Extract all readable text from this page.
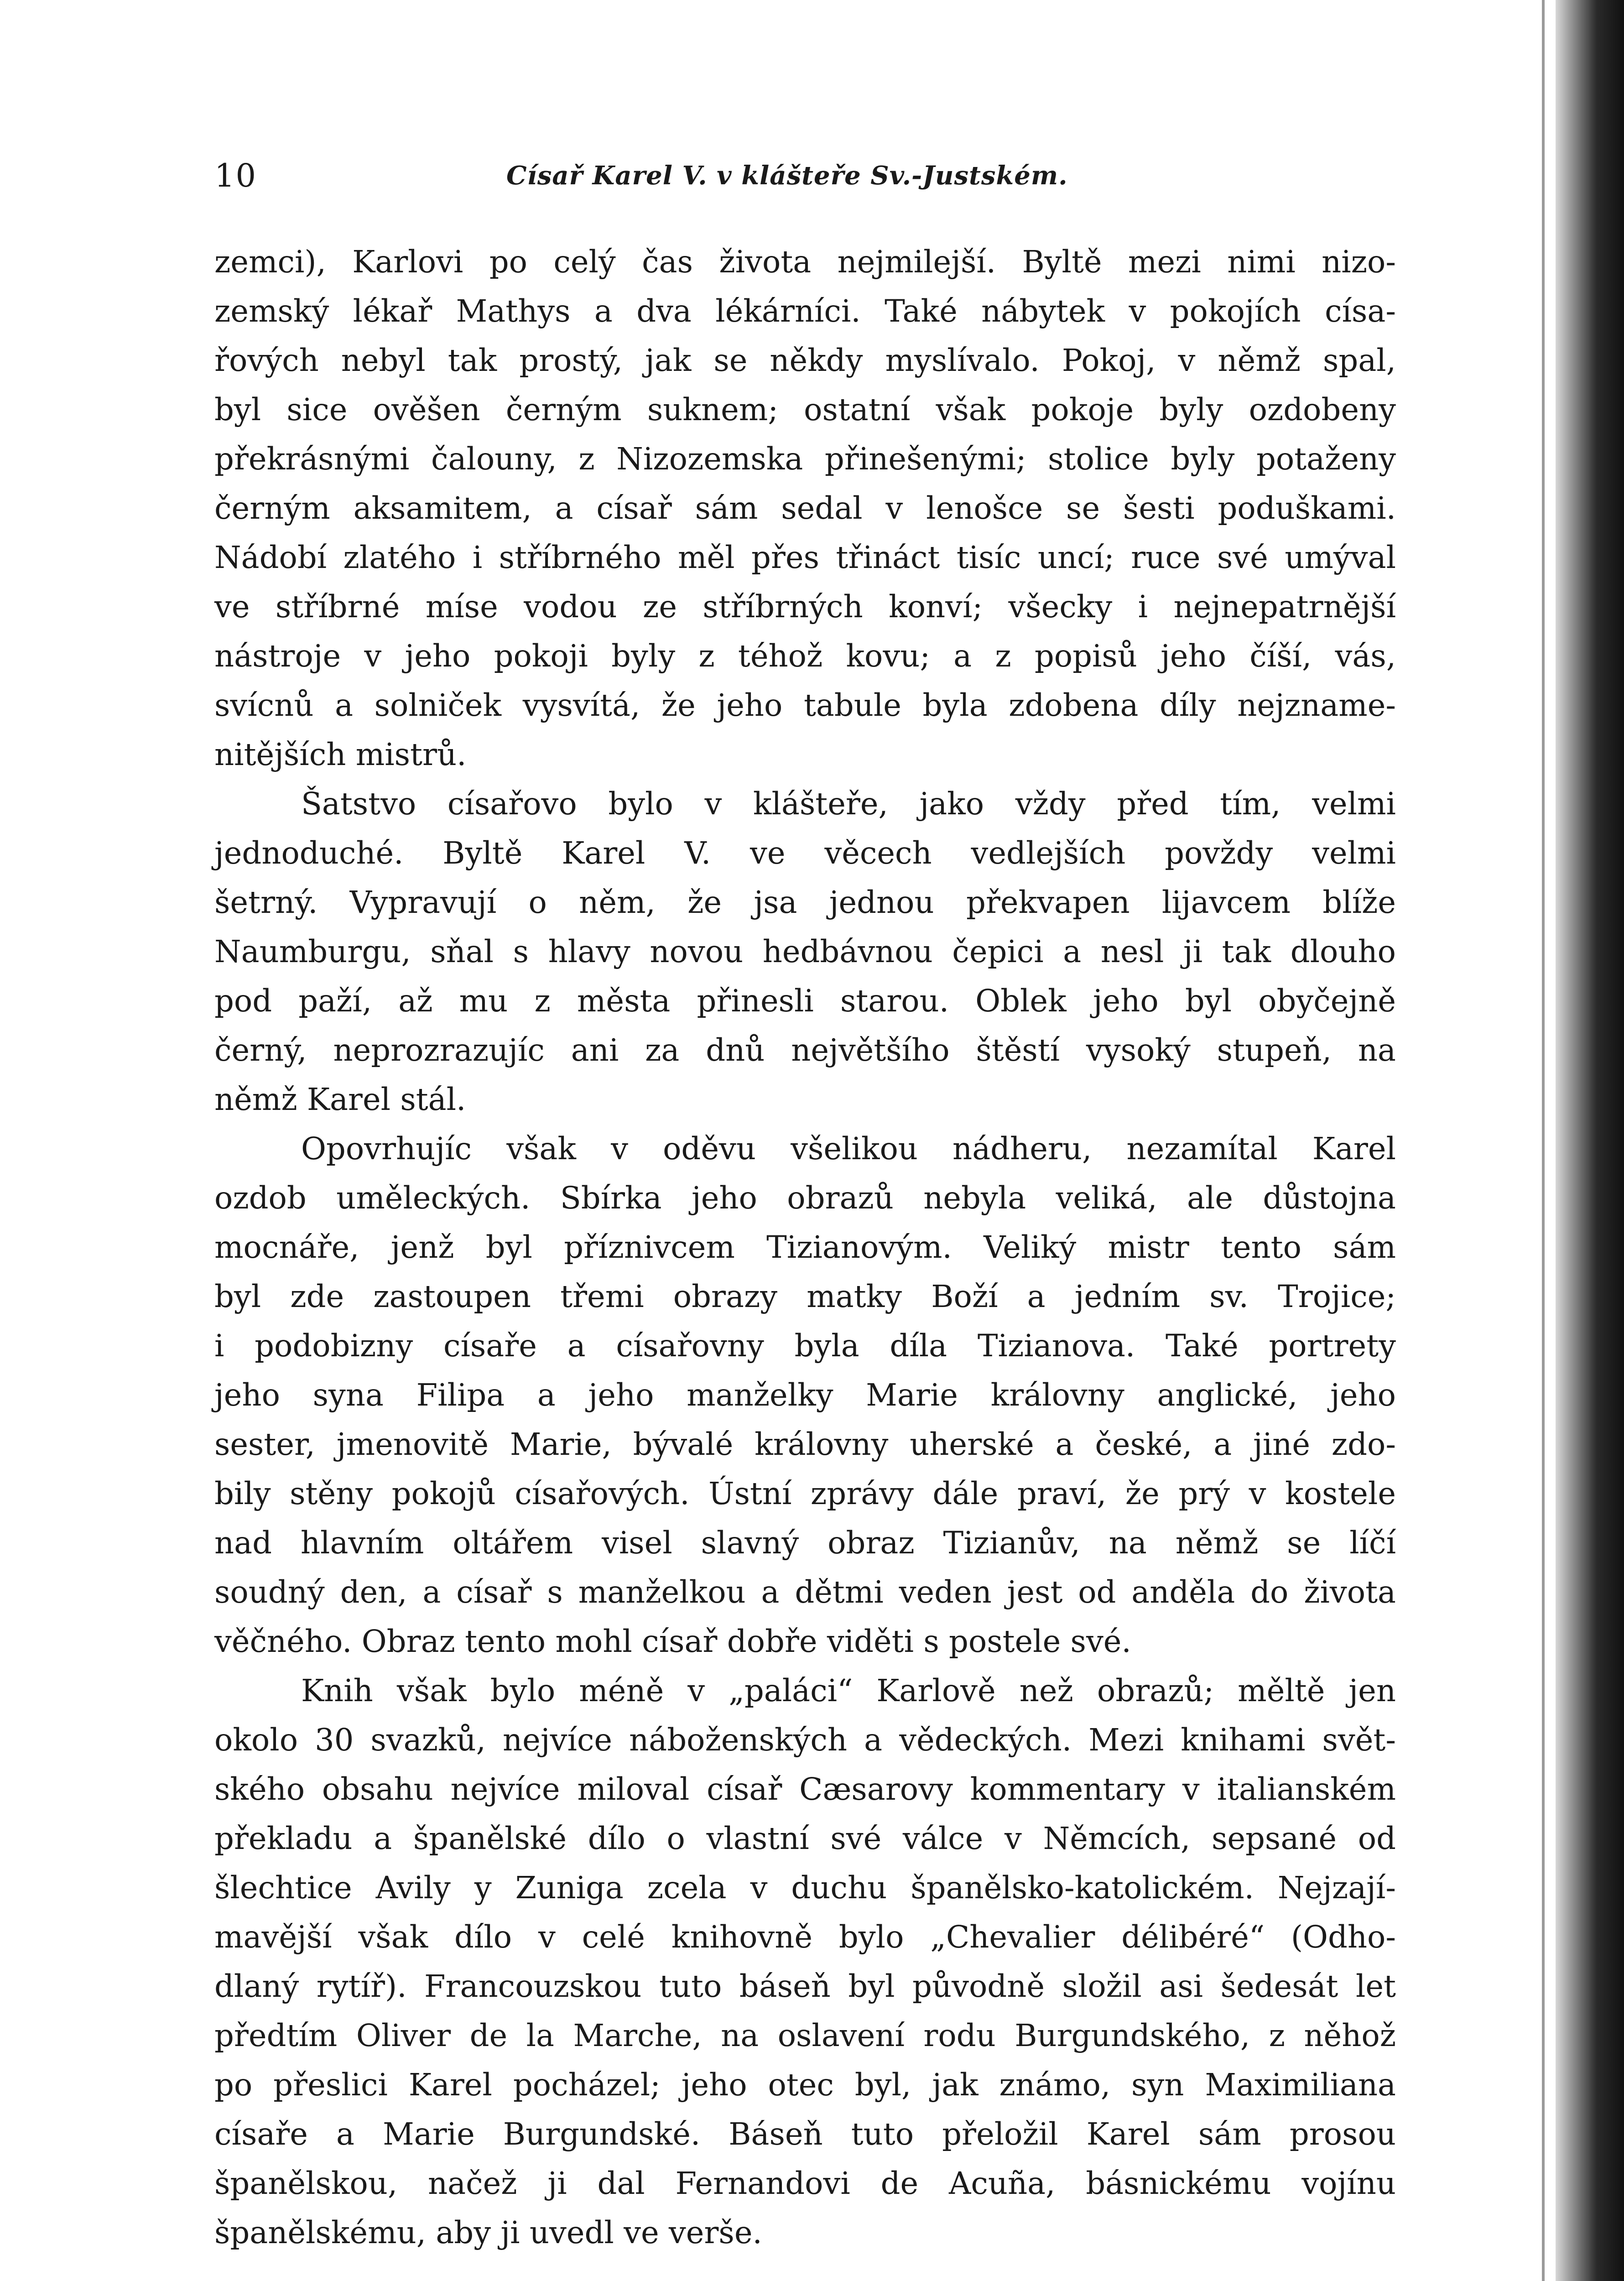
10	Císař Karel V. v klášteře Sv.-Justském.
zemci), Karlovi po celý čas života nejmilejší. Byltě mezi nimi nizo-
zemský lékař Mathys a dva lékárníci. Také nábytek v pokojích císa-
řových nebyl tak prostý, jak se někdy myslívalo. Pokoj, v němž spal,
byl sice ověšen černým suknem; ostatní však pokoje byly ozdobeny
překrásnými čalouny, z Nizozemska přinešenými; stolice byly potaženy
černým aksamitem, a císař sám sedal v lenošce se šesti poduškami.
Nádobí zlatého i stříbrného měl přes třináct tisíc uncí; ruce své umýval
ve stříbrné míse vodou ze stříbrných konví; všecky i nejnepatrnější
nástroje v jeho pokoji byly z téhož kovu; a z popisů jeho číší, vás,
svícnů a solniček vysvítá, že jeho tabule byla zdobena díly nejzname-
nitějších mistrů.
Šatstvo císařovo bylo v klášteře, jako vždy před tím, velmi
jednoduché. Byltě Karel V. ve věcech vedlejších povždy velmi
šetrný. Vypravují o něm, že jsa jednou překvapen lijavcem blíže
Naumburgu, sňal s hlavy novou hedbávnou čepici a nesl ji tak dlouho
pod paží, až mu z města přinesli starou. Oblek jeho byl obyčejně
černý, neprozrazujíc ani za dnů největšího štěstí vysoký stupeň, na
němž Karel stál.
Opovrhujíc však v oděvu všelikou nádheru, nezamítal Karel
ozdob uměleckých. Sbírka jeho obrazů nebyla veliká, ale důstojna
mocnáře, jenž byl příznivcem Tizianovým. Veliký mistr tento sám
byl zde zastoupen třemi obrazy matky Boží a jedním sv. Trojice;
i podobizny císaře a císařovny byla díla Tizianova. Také portrety
jeho syna Filipa a jeho manželky Marie královny anglické, jeho
sester, jmenovitě Marie, bývalé královny uherské a české, a jiné zdo-
bily stěny pokojů císařových. Ústní zprávy dále praví, že prý v kostele
nad hlavním oltářem visel slavný obraz Tizianův, na němž se líčí
soudný den, a císař s manželkou a dětmi veden jest od anděla do života
věčného. Obraz tento mohl císař dobře viděti s postele své.
Knih však bylo méně v „paláci“ Karlově než obrazů; měltě jen
okolo 30 svazků, nejvíce náboženských a vědeckých. Mezi knihami svět-
ského obsahu nejvíce miloval císař Cæsarovy kommentary v italianském
překladu a španělské dílo o vlastní své válce v Němcích, sepsané od
šlechtice Avily y Zuniga zcela v duchu španělsko-katolickém. Nejzají-
mavější však dílo v celé knihovně bylo „Chevalier délibéré“ (Odho-
dlaný rytíř). Francouzskou tuto báseň byl původně složil asi šedesát let
předtím Oliver de la Marche, na oslavení rodu Burgundského, z něhož
po přeslici Karel pocházel; jeho otec byl, jak známo, syn Maximiliana
císaře a Marie Burgundské. Báseň tuto přeložil Karel sám prosou
španělskou, načež ji dal Fernandovi de Acuña, básnickému vojínu
španělskému, aby ji uvedl ve verše.
